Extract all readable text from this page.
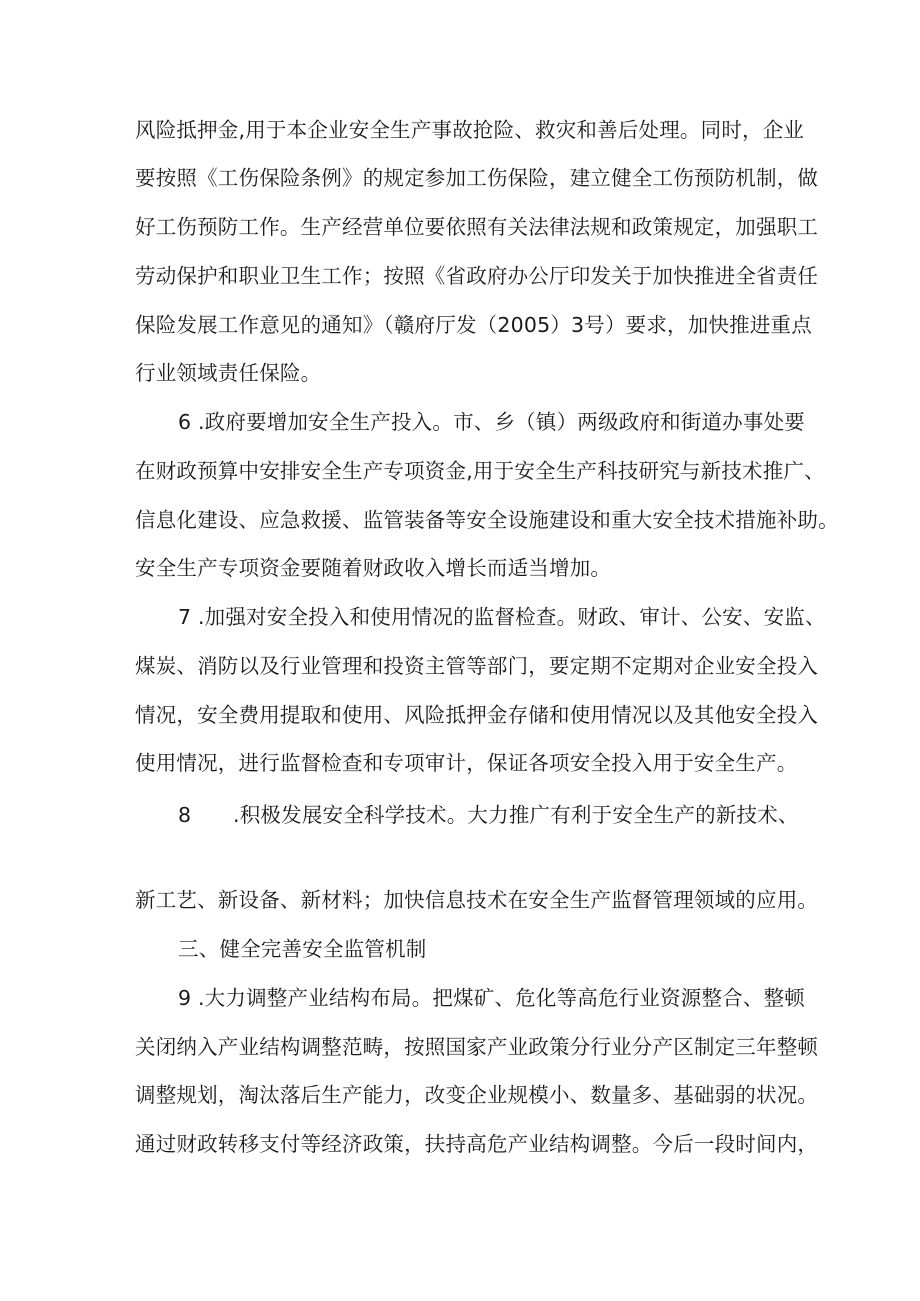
风险抵押金,用于本企业安全生产事故抢险、救灾和善后处理。同时，企业
要按照《工伤保险条例》的规定参加工伤保险，建立健全工伤预防机制，做
好工伤预防工作。生产经营单位要依照有关法律法规和政策规定，加强职工
劳动保护和职业卫生工作；按照《省政府办公厅印发关于加快推进全省责任
保险发展工作意见的通知》（赣府厅发（2005）3号）要求，加快推进重点
行业领域责任保险。
6 .政府要增加安全生产投入。市、乡（镇）两级政府和街道办事处要
在财政预算中安排安全生产专项资金,用于安全生产科技研究与新技术推广、
信息化建设、应急救援、监管装备等安全设施建设和重大安全技术措施补助。
安全生产专项资金要随着财政收入增长而适当增加。
7 .加强对安全投入和使用情况的监督检查。财政、审计、公安、安监、
煤炭、消防以及行业管理和投资主管等部门，要定期不定期对企业安全投入
情况，安全费用提取和使用、风险抵押金存储和使用情况以及其他安全投入
使用情况，进行监督检查和专项审计，保证各项安全投入用于安全生产。
8 .积极发展安全科学技术。大力推广有利于安全生产的新技术、
新工艺、新设备、新材料；加快信息技术在安全生产监督管理领域的应用。
三、健全完善安全监管机制
9 .大力调整产业结构布局。把煤矿、危化等高危行业资源整合、整顿
关闭纳入产业结构调整范畴，按照国家产业政策分行业分产区制定三年整顿
调整规划，淘汰落后生产能力，改变企业规模小、数量多、基础弱的状况。
通过财政转移支付等经济政策，扶持高危产业结构调整。今后一段时间内，
